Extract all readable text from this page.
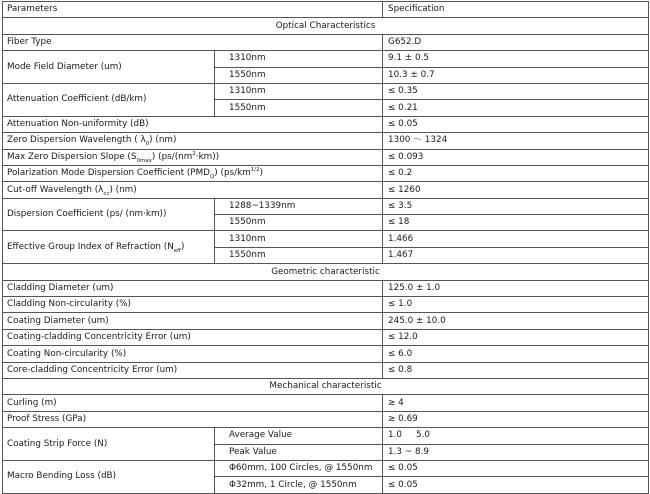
Parameters		Specification
Optical Characteristics		
Fiber Type		G652.D
Mode Field Diameter (um)	1310nm	9.1 ± 0.5
	1550nm	10.3 ± 0.7
Attenuation Coefficient (dB/km)	1310nm	≤ 0.35
	1550nm	≤ 0.21
Attenuation Non-uniformity (dB)		≤ 0.05
Zero Dispersion Wavelength ( $\lambda_0$) (nm)		1300 ～ 1324
Max Zero Dispersion Slope $(S_{0max})$ $(ps/(nm^2\cdot km))$		≤ 0.093
Polarization Mode Dispersion Coefficient $(PMD_Q)$ $(ps/km^{1/2})$		≤ 0.2
Cut-off Wavelength $(\lambda_{cc})$ (nm)		≤ 1260
Dispersion Coefficient (ps/ (nm·km))	1288~1339nm	≤ 3.5
	1550nm	≤ 18
Effective Group Index of Refraction $(N_{eff})$	1310nm	1.466
	1550nm	1.467
Geometric characteristic		
Cladding Diameter (um)		125.0 ± 1.0
Cladding Non-circularity (%)		≤ 1.0
Coating Diameter (um)		245.0 ± 10.0
Coating-cladding Concentricity Error (um)		≤ 12.0
Coating Non-circularity (%)		≤ 6.0
Core-cladding Concentricity Error (um)		≤ 0.8
Mechanical characteristic		
Curling (m)		≥ 4
Proof Stress (GPa)		≥ 0.69
Coating Strip Force (N)	Average Value	1.0     5.0
	Peak Value	1.3 ~ 8.9
Macro Bending Loss (dB)	Φ60mm, 100 Circles, @ 1550nm	≤ 0.05
	Φ32mm, 1 Circle, @ 1550nm	≤ 0.05
